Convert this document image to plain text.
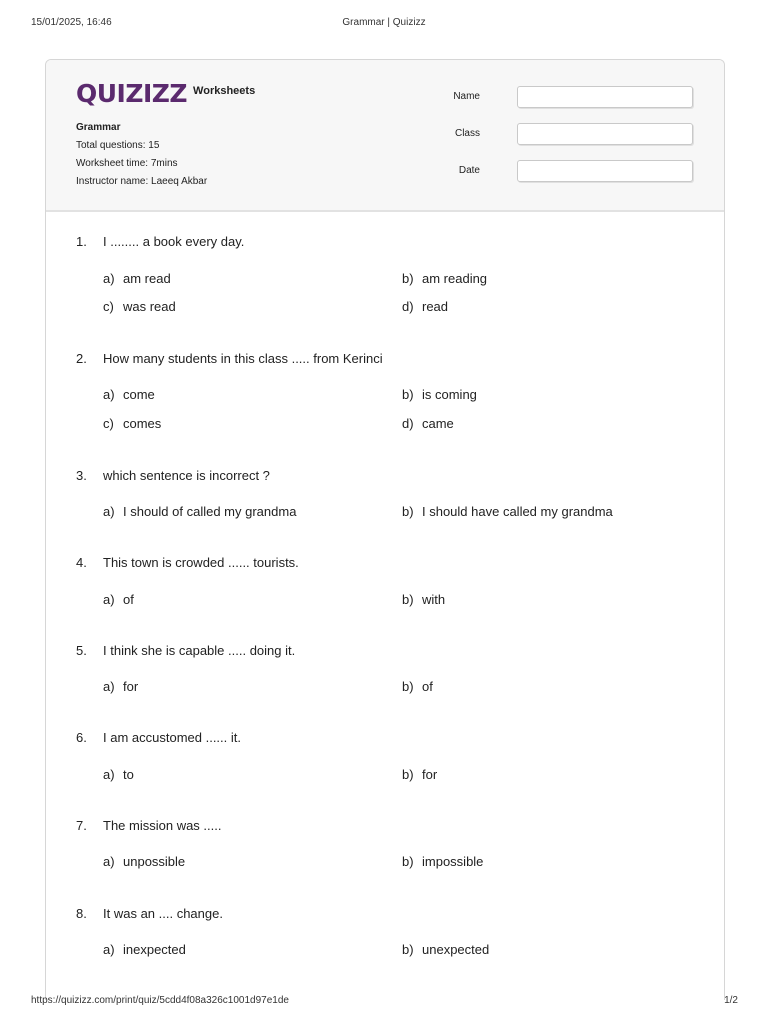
15/01/2025, 16:46	Grammar | Quizizz
QUIZIZZ Worksheets
Grammar
Total questions: 15
Worksheet time: 7mins
Instructor name: Laeeq Akbar
Name
Class
Date
1. I ........ a book every day.
a) am read	b) am reading
c) was read	d) read
2. How many students in this class ..... from Kerinci
a) come	b) is coming
c) comes	d) came
3. which sentence is incorrect ?
a) I should of called my grandma	b) I should have called my grandma
4. This town is crowded ...... tourists.
a) of	b) with
5. I think she is capable ..... doing it.
a) for	b) of
6. I am accustomed ...... it.
a) to	b) for
7. The mission was .....
a) unpossible	b) impossible
8. It was an .... change.
a) inexpected	b) unexpected
https://quizizz.com/print/quiz/5cdd4f08a326c1001d97e1de	1/2
